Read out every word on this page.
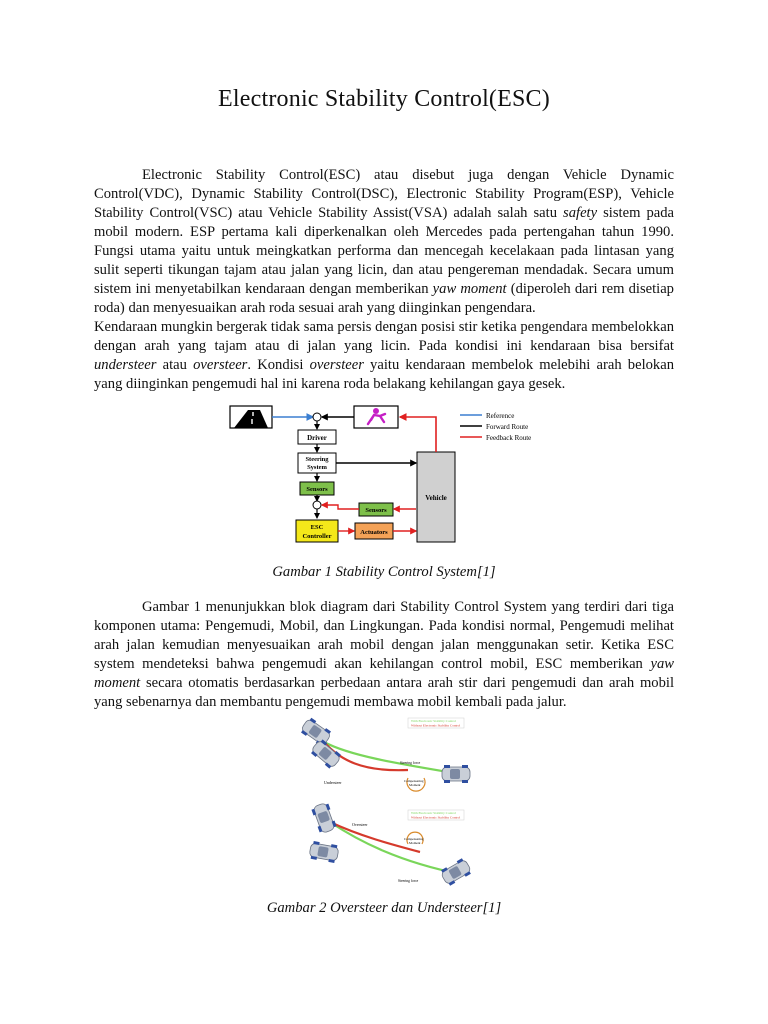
Electronic Stability Control(ESC)

Electronic Stability Control(ESC) atau disebut juga dengan Vehicle Dynamic Control(VDC), Dynamic Stability Control(DSC), Electronic Stability Program(ESP), Vehicle Stability Control(VSC) atau Vehicle Stability Assist(VSA) adalah salah satu safety sistem pada mobil modern. ESP pertama kali diperkenalkan oleh Mercedes pada pertengahan tahun 1990. Fungsi utama yaitu untuk meingkatkan performa dan mencegah kecelakaan pada lintasan yang sulit seperti tikungan tajam atau jalan yang licin, dan atau pengereman mendadak. Secara umum sistem ini menyetabilkan kendaraan dengan memberikan yaw moment (diperoleh dari rem disetiap roda) dan menyesuaikan arah roda sesuai arah yang diinginkan pengendara.

Kendaraan mungkin bergerak tidak sama persis dengan posisi stir ketika pengendara membelokkan dengan arah yang tajam atau di jalan yang licin. Pada kondisi ini kendaraan bisa bersifat understeer atau oversteer. Kondisi oversteer yaitu kendaraan membelok melebihi arah belokan yang diinginkan pengemudi hal ini karena roda belakang kehilangan gaya gesek.

Driver
Steering
System
Sensors
Sensors
ESC
Controller
Actuators
Vehicle
Reference
Forward Route
Feedback Route
Gambar 1 Stability Control System[1]

Gambar 1 menunjukkan blok diagram dari Stability Control System yang terdiri dari tiga komponen utama: Pengemudi, Mobil, dan Lingkungan. Pada kondisi normal, Pengemudi melihat arah jalan kemudian menyesuaikan arah mobil dengan jalan menggunakan setir. Ketika ESC system mendeteksi bahwa pengemudi akan kehilangan control mobil, ESC memberikan yaw moment secara otomatis berdasarkan perbedaan antara arah stir dari pengemudi dan arah mobil yang sebenarnya dan membantu pengemudi membawa mobil kembali pada jalur.

With Electronic Stability Control
Without Electronic Stability Control
Steering force
Compensating
Moment
Understeer
With Electronic Stability Control
Without Electronic Stability Control
Oversteer
Compensating
Moment
Steering force
Gambar 2 Oversteer dan Understeer[1]
